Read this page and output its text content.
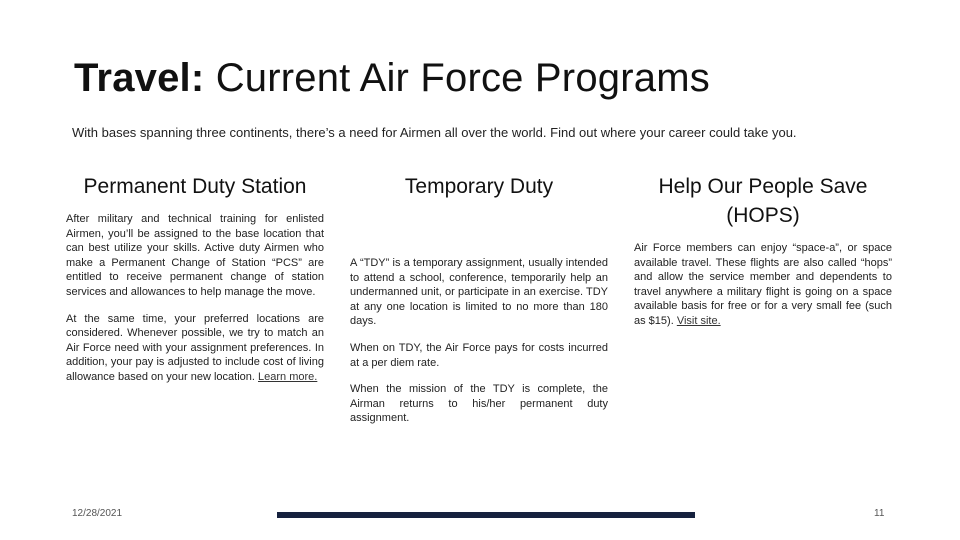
Travel: Current Air Force Programs

With bases spanning three continents, there’s a need for Airmen all over the world. Find out where your career could take you.

Permanent Duty Station

After military and technical training for enlisted Airmen, you’ll be assigned to the base location that can best utilize your skills. Active duty Airmen who make a Permanent Change of Station “PCS” are entitled to receive permanent change of station services and allowances to help manage the move.

At the same time, your preferred locations are considered. Whenever possible, we try to match an Air Force need with your assignment preferences. In addition, your pay is adjusted to include cost of living allowance based on your new location. Learn more.

Temporary Duty

A “TDY” is a temporary assignment, usually intended to attend a school, conference, temporarily help an undermanned unit, or participate in an exercise. TDY at any one location is limited to no more than 180 days.

When on TDY, the Air Force pays for costs incurred at a per diem rate.

When the mission of the TDY is complete, the Airman returns to his/her permanent duty assignment.

Help Our People Save (HOPS)

Air Force members can enjoy “space-a”, or space available travel. These flights are also called “hops” and allow the service member and dependents to travel anywhere a military flight is going on a space available basis for free or for a very small fee (such as $15). Visit site.

12/28/2021	11
